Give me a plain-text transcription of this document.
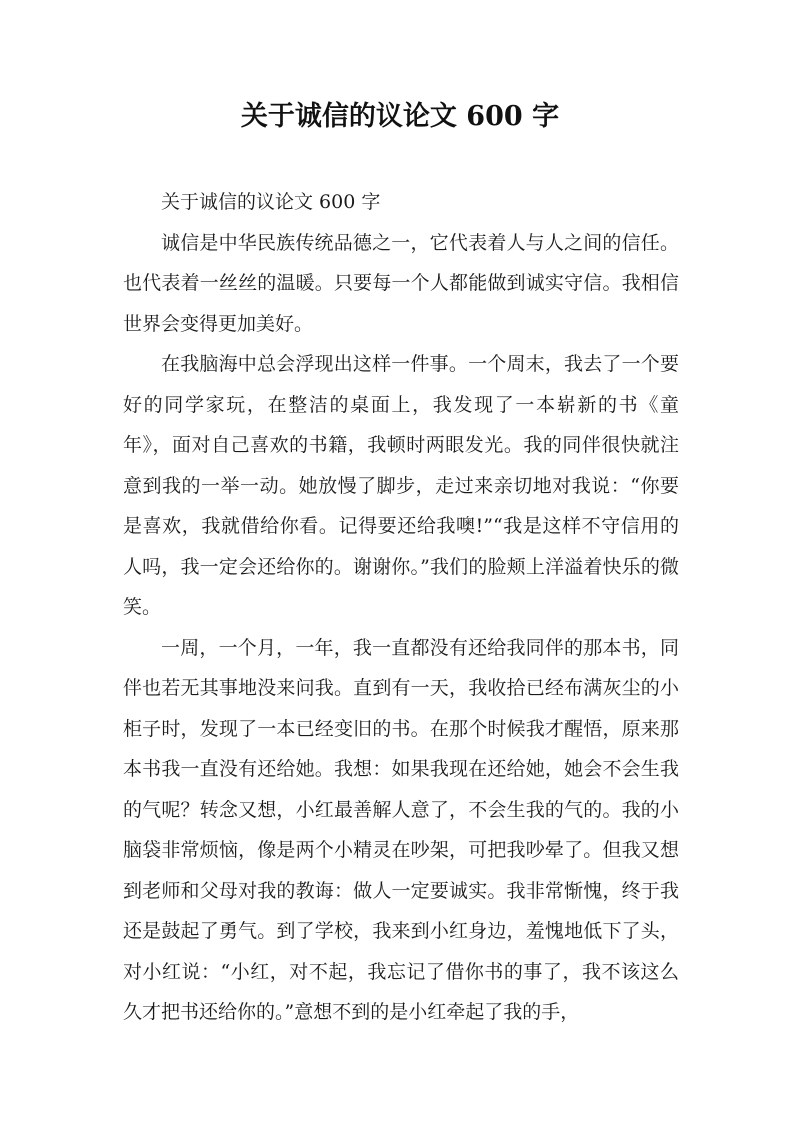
关于诚信的议论文 600 字

关于诚信的议论文 600 字

诚信是中华民族传统品德之一，它代表着人与人之间的信任。也代表着一丝丝的温暖。只要每一个人都能做到诚实守信。我相信世界会变得更加美好。

在我脑海中总会浮现出这样一件事。一个周末，我去了一个要好的同学家玩，在整洁的桌面上，我发现了一本崭新的书《童年》，面对自己喜欢的书籍，我顿时两眼发光。我的同伴很快就注意到我的一举一动。她放慢了脚步，走过来亲切地对我说：“你要是喜欢，我就借给你看。记得要还给我噢!”“我是这样不守信用的人吗，我一定会还给你的。谢谢你。”我们的脸颊上洋溢着快乐的微笑。

一周，一个月，一年，我一直都没有还给我同伴的那本书，同伴也若无其事地没来问我。直到有一天，我收拾已经布满灰尘的小柜子时，发现了一本已经变旧的书。在那个时候我才醒悟，原来那本书我一直没有还给她。我想：如果我现在还给她，她会不会生我的气呢？转念又想，小红最善解人意了，不会生我的气的。我的小脑袋非常烦恼，像是两个小精灵在吵架，可把我吵晕了。但我又想到老师和父母对我的教诲：做人一定要诚实。我非常惭愧，终于我还是鼓起了勇气。到了学校，我来到小红身边，羞愧地低下了头，对小红说：“小红，对不起，我忘记了借你书的事了，我不该这么久才把书还给你的。”意想不到的是小红牵起了我的手，
